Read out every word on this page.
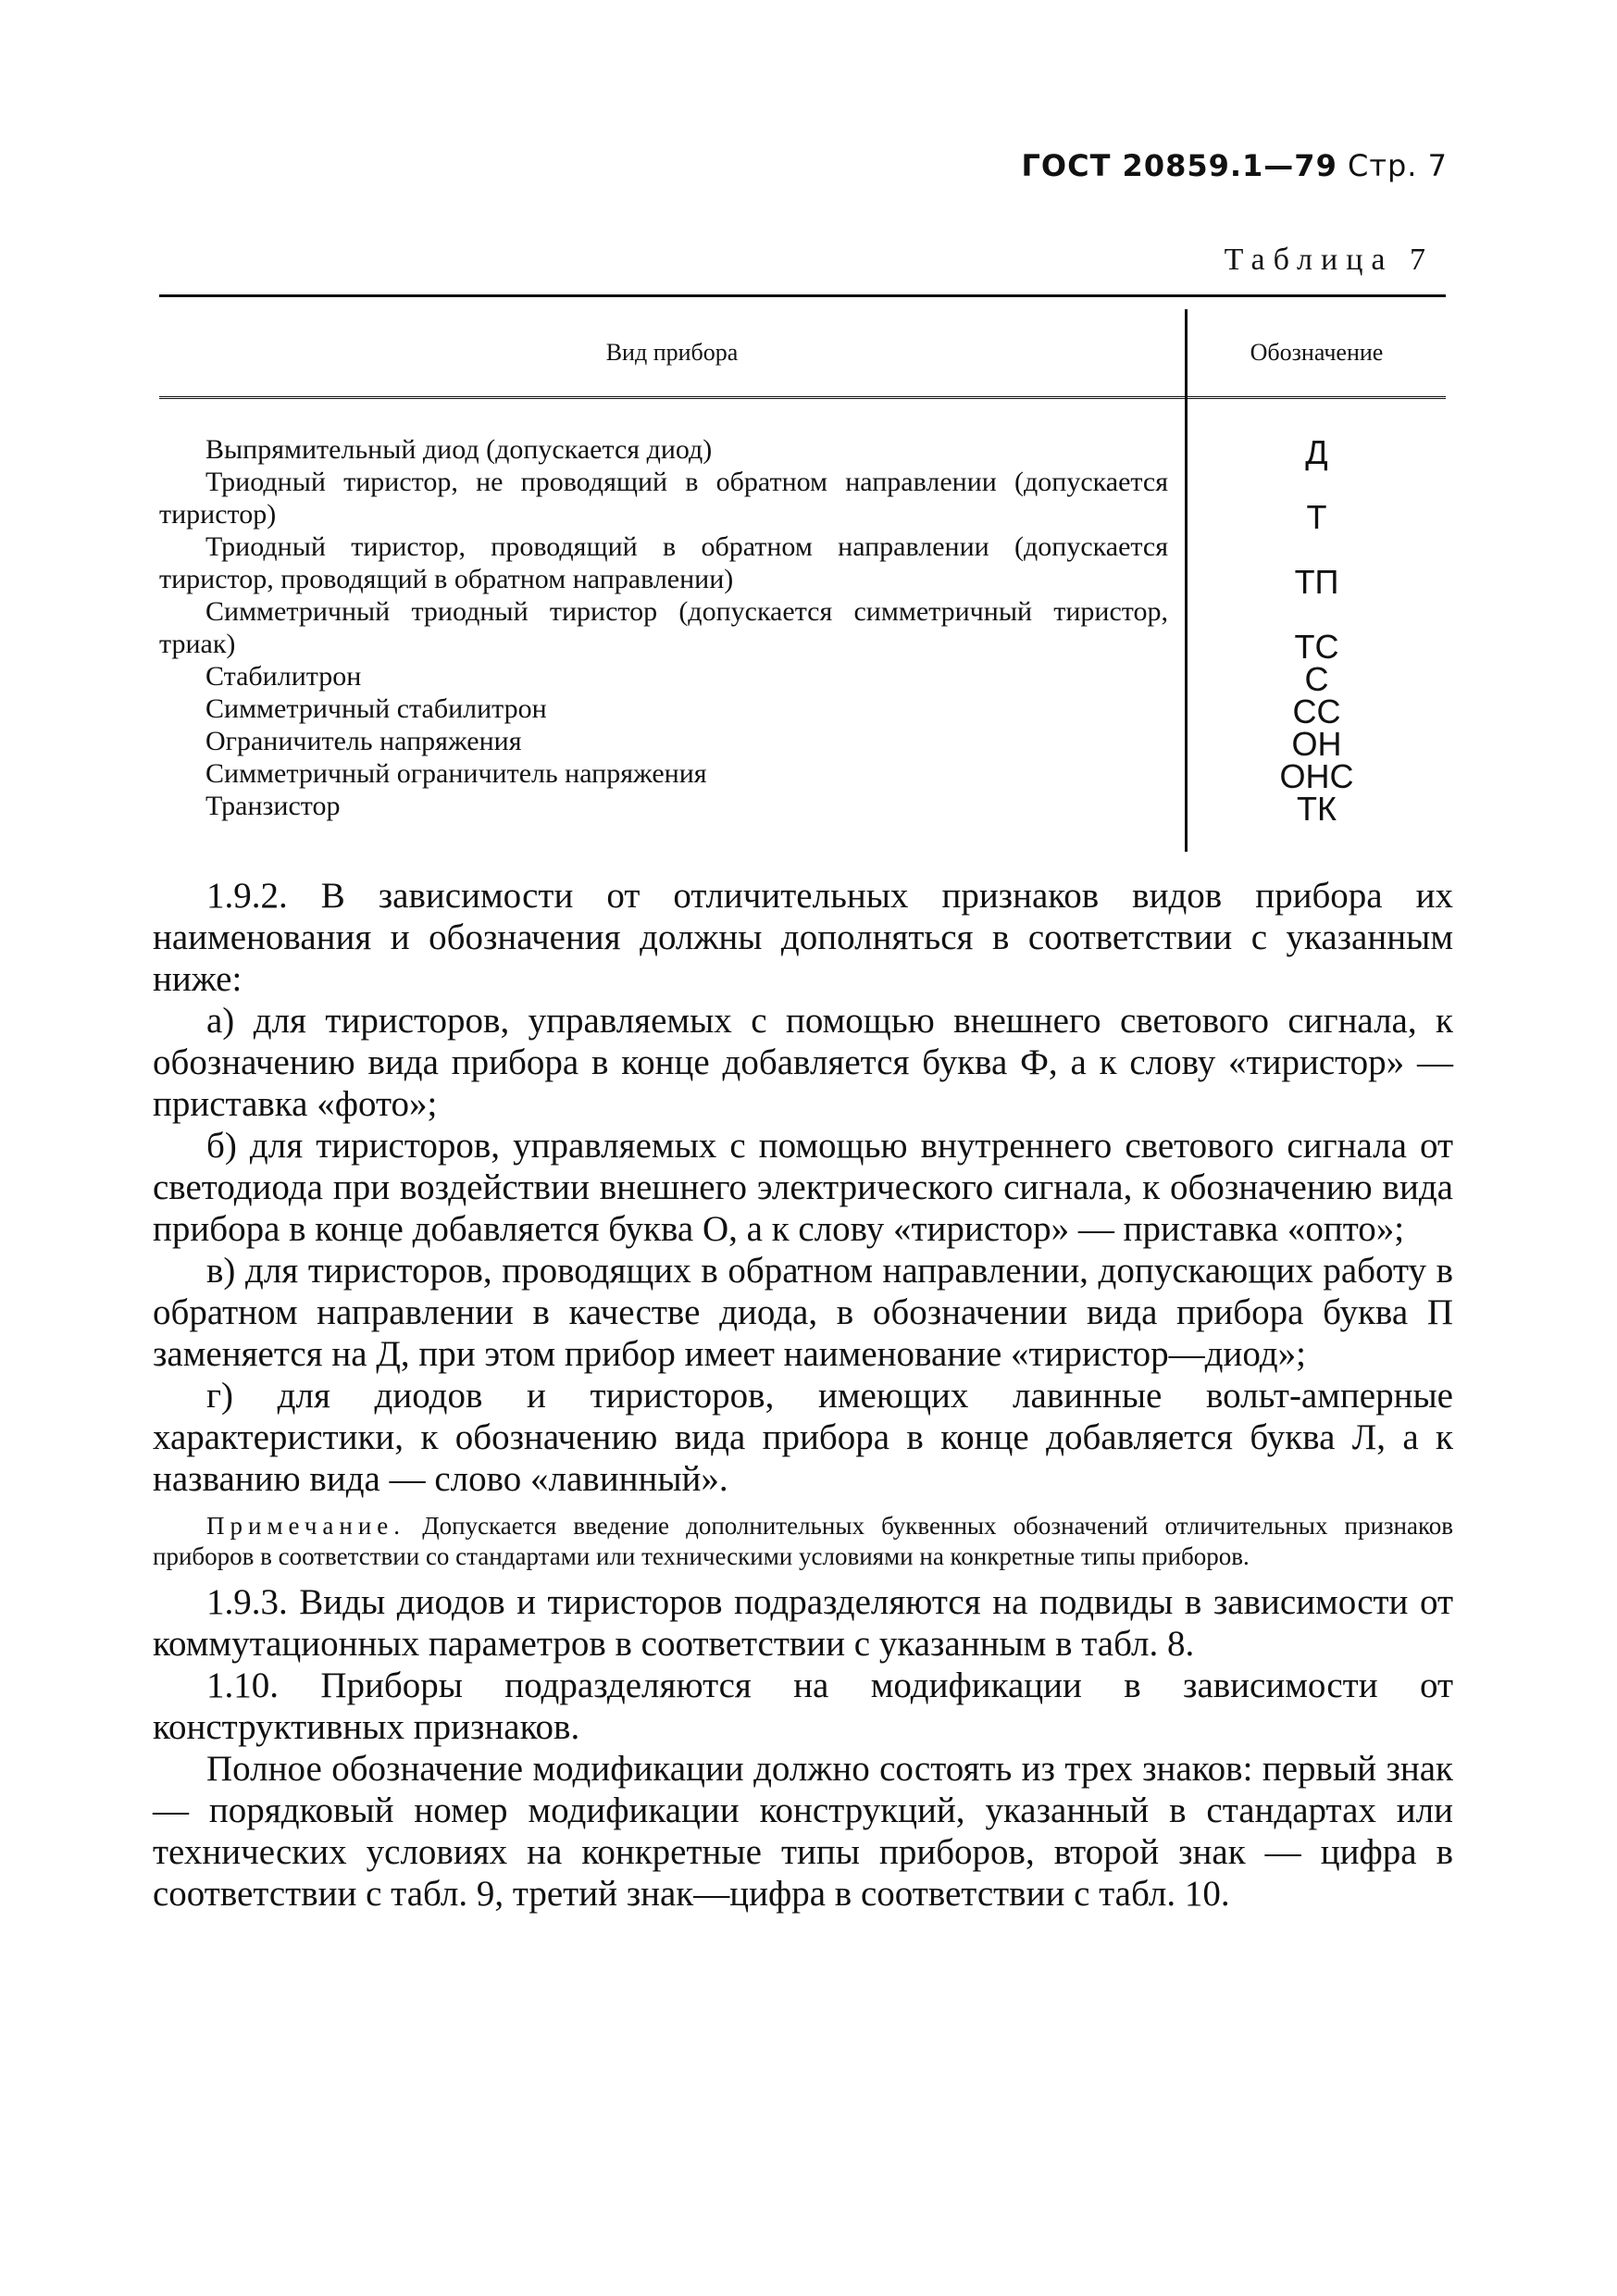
ГОСТ 20859.1—79 Стр. 7
Таблица 7
Вид прибора	Обозначение
Выпрямительный диод (допускается диод)
Триодный тиристор, не проводящий в обратном направлении (допускается тиристор)
Триодный тиристор, проводящий в обратном направлении (допускается тиристор, проводящий в обратном направлении)
Симметричный триодный тиристор (допускается симметричный тиристор, триак)
Стабилитрон
Симметричный стабилитрон
Ограничитель напряжения
Симметричный ограничитель напряжения
Транзистор
Д
Т
ТП
ТС
С
СС
ОН
ОНС
ТК

1.9.2. В зависимости от отличительных признаков видов прибора их наименования и обозначения должны дополняться в соответствии с указанным ниже:

а) для тиристоров, управляемых с помощью внешнего светового сигнала, к обозначению вида прибора в конце добавляется буква Ф, а к слову «тиристор» — приставка «фото»;

б) для тиристоров, управляемых с помощью внутреннего светового сигнала от светодиода при воздействии внешнего электрического сигнала, к обозначению вида прибора в конце добавляется буква О, а к слову «тиристор» — приставка «опто»;

в) для тиристоров, проводящих в обратном направлении, допускающих работу в обратном направлении в качестве диода, в обозначении вида прибора буква П заменяется на Д, при этом прибор имеет наименование «тиристор—диод»;

г) для диодов и тиристоров, имеющих лавинные вольт-амперные характеристики, к обозначению вида прибора в конце добавляется буква Л, а к названию вида — слово «лавинный».

Примечание. Допускается введение дополнительных буквенных обозначений отличительных признаков приборов в соответствии со стандартами или техническими условиями на конкретные типы приборов.

1.9.3. Виды диодов и тиристоров подразделяются на подвиды в зависимости от коммутационных параметров в соответствии с указанным в табл. 8.

1.10. Приборы подразделяются на модификации в зависимости от конструктивных признаков.

Полное обозначение модификации должно состоять из трех знаков: первый знак — порядковый номер модификации конструкций, указанный в стандартах или технических условиях на конкретные типы приборов, второй знак — цифра в соответствии с табл. 9, третий знак—цифра в соответствии с табл. 10.
